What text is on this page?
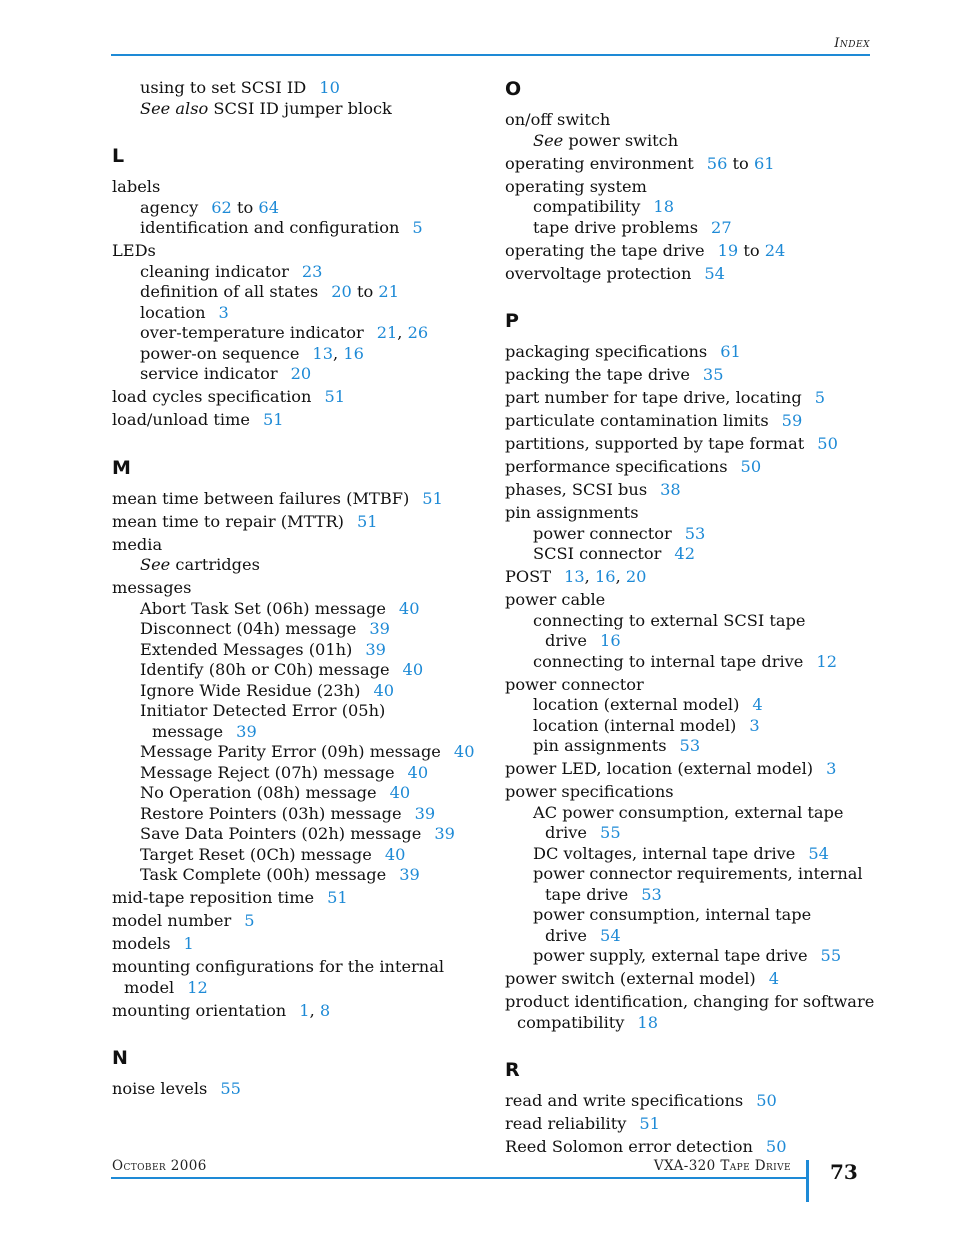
Index
using to set SCSI ID 10
See also SCSI ID jumper block
L
labels
agency 62 to 64
identification and configuration 5
LEDs
cleaning indicator 23
definition of all states 20 to 21
location 3
over-temperature indicator 21, 26
power-on sequence 13, 16
service indicator 20
load cycles specification 51
load/unload time 51
M
mean time between failures (MTBF) 51
mean time to repair (MTTR) 51
media
See cartridges
messages
Abort Task Set (06h) message 40
Disconnect (04h) message 39
Extended Messages (01h) 39
Identify (80h or C0h) message 40
Ignore Wide Residue (23h) 40
Initiator Detected Error (05h) message 39
Message Parity Error (09h) message 40
Message Reject (07h) message 40
No Operation (08h) message 40
Restore Pointers (03h) message 39
Save Data Pointers (02h) message 39
Target Reset (0Ch) message 40
Task Complete (00h) message 39
mid-tape reposition time 51
model number 5
models 1
mounting configurations for the internal model 12
mounting orientation 1, 8
N
noise levels 55
O
on/off switch
See power switch
operating environment 56 to 61
operating system
compatibility 18
tape drive problems 27
operating the tape drive 19 to 24
overvoltage protection 54
P
packaging specifications 61
packing the tape drive 35
part number for tape drive, locating 5
particulate contamination limits 59
partitions, supported by tape format 50
performance specifications 50
phases, SCSI bus 38
pin assignments
power connector 53
SCSI connector 42
POST 13, 16, 20
power cable
connecting to external SCSI tape drive 16
connecting to internal tape drive 12
power connector
location (external model) 4
location (internal model) 3
pin assignments 53
power LED, location (external model) 3
power specifications
AC power consumption, external tape drive 55
DC voltages, internal tape drive 54
power connector requirements, internal tape drive 53
power consumption, internal tape drive 54
power supply, external tape drive 55
power switch (external model) 4
product identification, changing for software compatibility 18
R
read and write specifications 50
read reliability 51
Reed Solomon error detection 50
October 2006	VXA-320 Tape Drive 73
